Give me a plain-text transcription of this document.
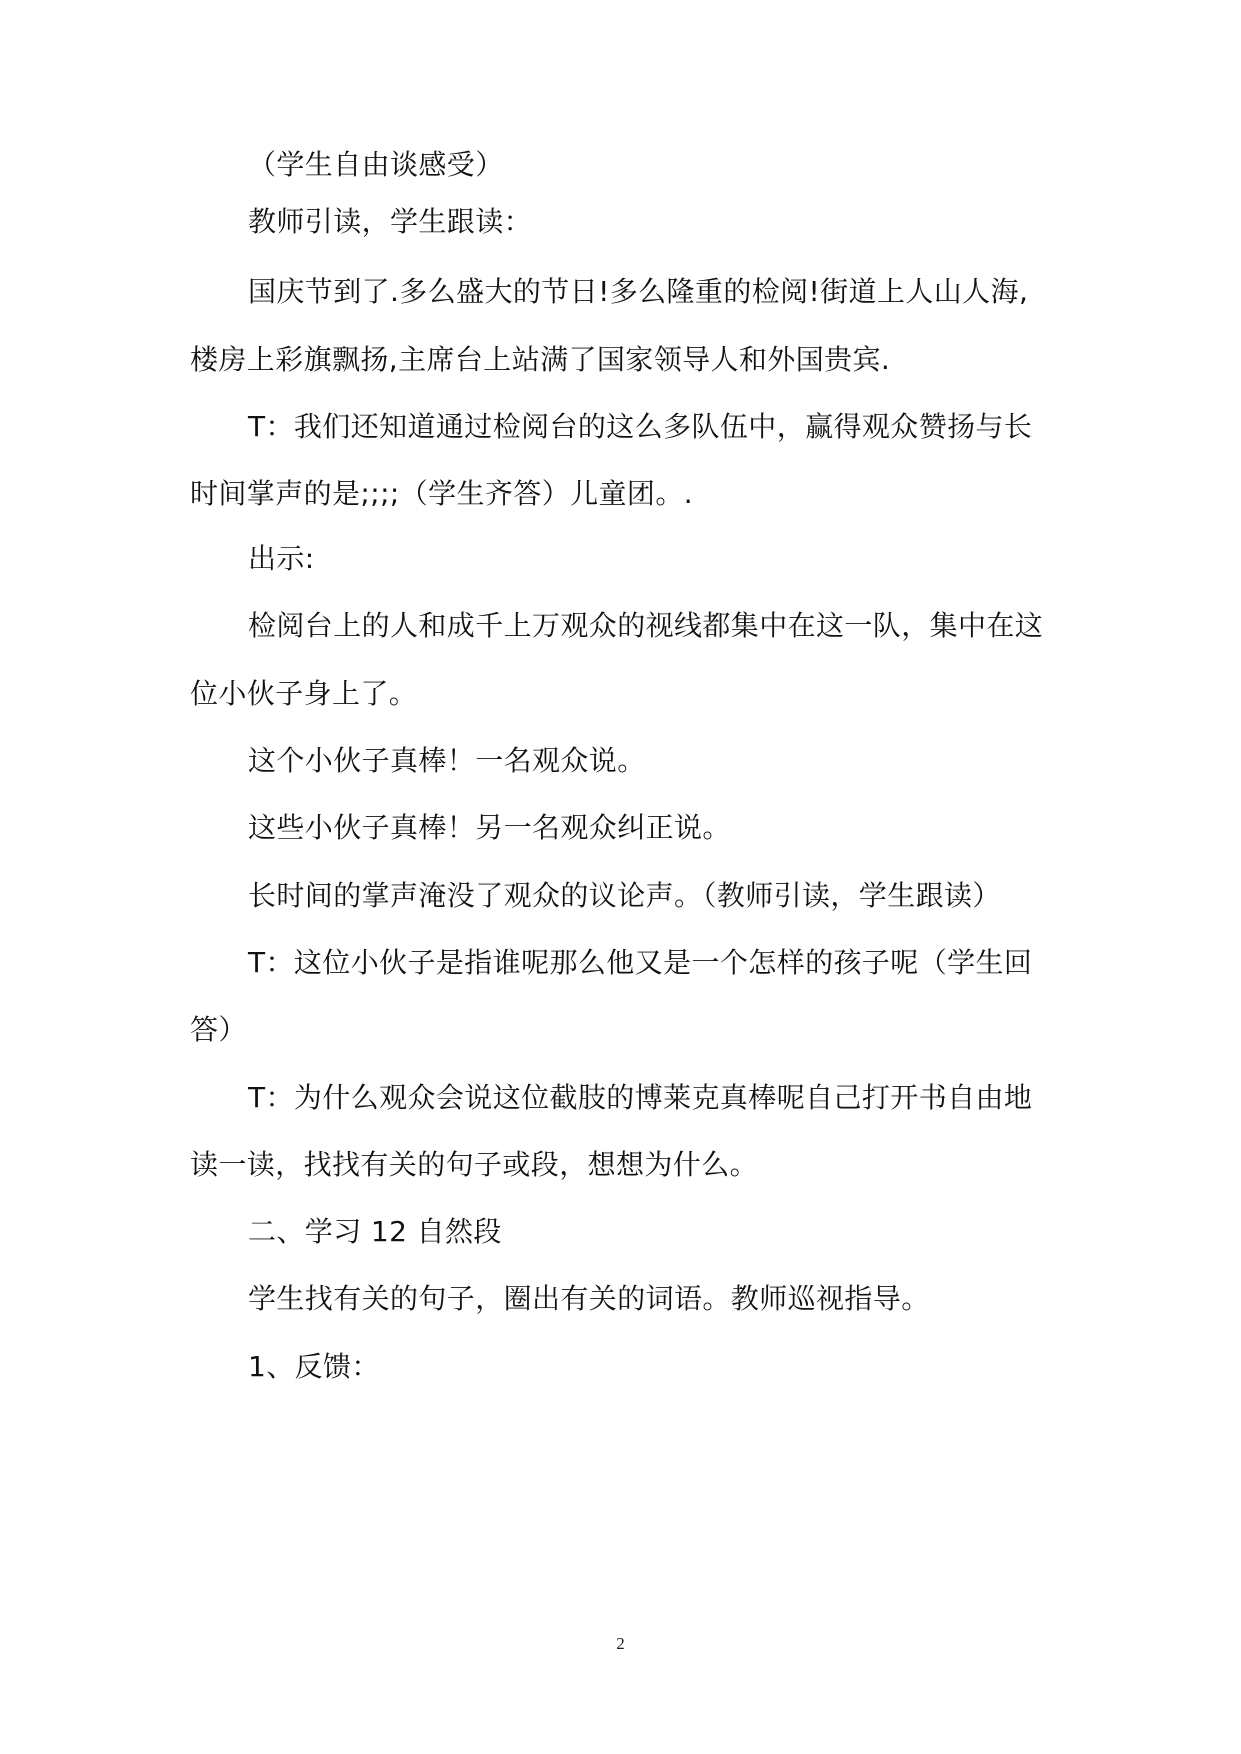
（学生自由谈感受）
教师引读，学生跟读：
国庆节到了.多么盛大的节日!多么隆重的检阅!街道上人山人海,
楼房上彩旗飘扬,主席台上站满了国家领导人和外国贵宾.
T：我们还知道通过检阅台的这么多队伍中，赢得观众赞扬与长
时间掌声的是;;;;（学生齐答）儿童团。.
出示:
检阅台上的人和成千上万观众的视线都集中在这一队，集中在这
位小伙子身上了。
这个小伙子真棒！一名观众说。
这些小伙子真棒！另一名观众纠正说。
长时间的掌声淹没了观众的议论声。（教师引读，学生跟读）
T：这位小伙子是指谁呢那么他又是一个怎样的孩子呢（学生回
答）
T：为什么观众会说这位截肢的博莱克真棒呢自己打开书自由地
读一读，找找有关的句子或段，想想为什么。
二、学习 12 自然段
学生找有关的句子，圈出有关的词语。教师巡视指导。
1、反馈：
2
